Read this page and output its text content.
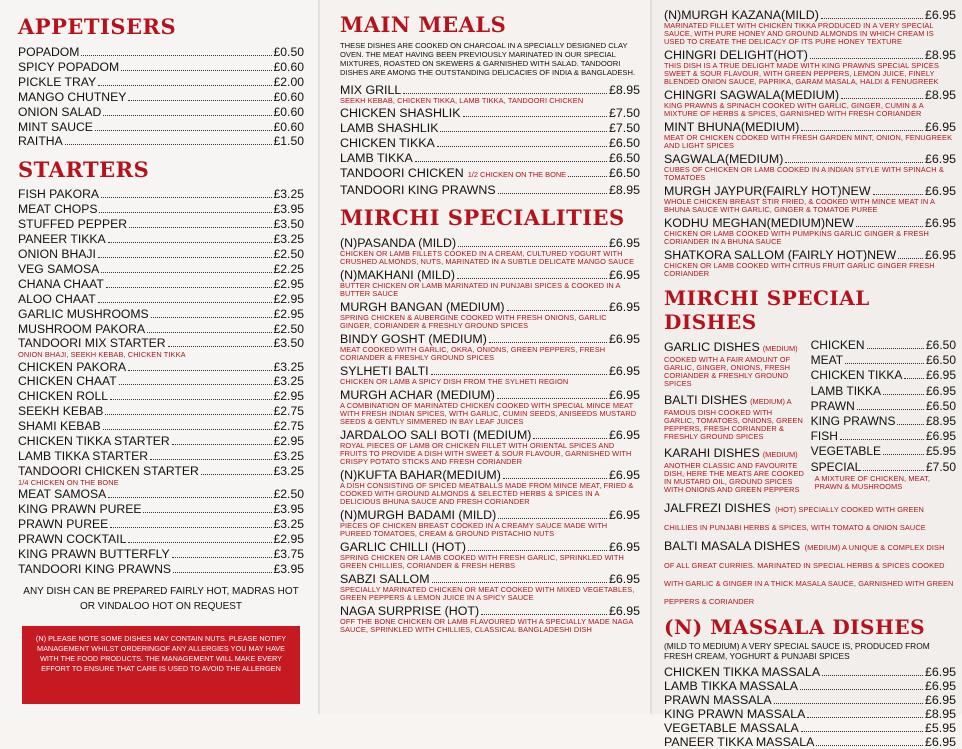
APPETISERS
POPADOM	£0.50
SPICY POPADOM	£0.60
PICKLE TRAY	£2.00
MANGO CHUTNEY	£0.60
ONION SALAD	£0.60
MINT SAUCE	£0.60
RAITHA	£1.50
STARTERS
FISH PAKORA	£3.25
MEAT CHOPS	£3.95
STUFFED PEPPER	£3.50
PANEER TIKKA	£3.25
ONION BHAJI	£2.50
VEG SAMOSA	£2.25
CHANA CHAAT	£2.95
ALOO CHAAT	£2.95
GARLIC MUSHROOMS	£2.95
MUSHROOM PAKORA	£2.50
TANDOORI MIX STARTER	£3.50
ONION BHAJI, SEEKH KEBAB, CHICKEN TIKKA
CHICKEN PAKORA	£3.25
CHICKEN CHAAT	£3.25
CHICKEN ROLL	£2.95
SEEKH KEBAB	£2.75
SHAMI KEBAB	£2.75
CHICKEN TIKKA STARTER	£2.95
LAMB TIKKA STARTER	£3.25
TANDOORI CHICKEN STARTER	£3.25
1/4 CHICKEN ON THE BONE
MEAT SAMOSA	£2.50
KING PRAWN PUREE	£3.95
PRAWN PUREE	£3.25
PRAWN COCKTAIL	£2.95
KING PRAWN BUTTERFLY	£3.75
TANDOORI KING PRAWNS	£3.95
ANY DISH CAN BE PREPARED FAIRLY HOT, MADRAS HOT
OR VINDALOO HOT ON REQUEST
(N) PLEASE NOTE SOME DISHES MAY CONTAIN NUTS. PLEASE NOTIFY MANAGEMENT WHILST ORDERINGOF ANY ALLERGIES YOU MAY HAVE WITH THE FOOD PRODUCTS. THE MANAGEMENT WILL MAKE EVERY EFFORT TO ENSURE THAT CARE IS USED TO AVOID THE ALLERGEN
MAIN MEALS
THESE DISHES ARE COOKED ON CHARCOAL IN A SPECIALLY DESIGNED CLAY OVEN. THE MEAT HAVING BEEN PREVIOUSLY MARINATED IN OUR SPECIAL MIXTURES, ROASTED ON SKEWERS & GARNISHED WITH SALAD. TANDOORI DISHES ARE AMONG THE OUTSTANDING DELICACIES OF INDIA & BANGLADESH.
MIX GRILL	£8.95
SEEKH KEBAB, CHICKEN TIKKA, LAMB TIKKA, TANDOORI CHICKEN
CHICKEN SHASHLIK	£7.50
LAMB SHASHLIK	£7.50
CHICKEN TIKKA	£6.50
LAMB TIKKA	£6.50
TANDOORI CHICKEN 1/2 CHICKEN ON THE BONE	£6.50
TANDOORI KING PRAWNS	£8.95
MIRCHI SPECIALITIES
(N)PASANDA (MILD)	£6.95
CHICKEN OR LAMB FILLETS COOKED IN A CREAM, CULTURED YOGURT WITH CRUSHED ALMONDS, NUTS, MARINATED IN A SUBTLE DELICATE MANGO SAUCE
(N)MAKHANI (MILD)	£6.95
BUTTER CHICKEN OR LAMB MARINATED IN PUNJABI SPICES & COOKED IN A BUTTER SAUCE
MURGH BANGAN (MEDIUM)	£6.95
SPRING CHICKEN & AUBERGINE COOKED WITH FRESH ONIONS, GARLIC GINGER, CORIANDER & FRESHLY GROUND SPICES
BINDY GOSHT (MEDIUM)	£6.95
MEAT COOKED WITH GARLIC, OKRA, ONIONS, GREEN PEPPERS, FRESH CORIANDER & FRESHLY GROUND SPICES
SYLHETI BALTI	£6.95
CHICKEN OR LAMB A SPICY DISH FROM THE SYLHETI REGION
MURGH ACHAR (MEDIUM)	£6.95
A COMBINATION OF MARINATED CHICKEN COOKED WITH SPECIAL MINCE MEAT WITH FRESH INDIAN SPICES, WITH GARLIC, CUMIN SEEDS, ANISEEDS MUSTARD SEEDS & GENTLY SIMMERED IN BAY LEAF JUICES
JARDALOO SALI BOTI (MEDIUM)	£6.95
ROYAL PIECES OF LAMB OR CHICKEN FILLET WITH ORIENTAL SPICES AND FRUITS TO PROVIDE A DISH WITH SWEET & SOUR FLAVOUR, GARNISHED WITH CRISPY POTATO STICKS AND FRESH CORIANDER
(N)KUFTA BAHAR(MEDIUM)	£6.95
A DISH CONSISTING OF SPICED MEATBALLS MADE FROM MINCE MEAT, FRIED & COOKED WITH GROUND ALMONDS & SELECTED HERBS & SPICES IN A DELICIOUS BHUNA SAUCE AND FRESH CORIANDER
(N)MURGH BADAMI (MILD)	£6.95
PIECES OF CHICKEN BREAST COOKED IN A CREAMY SAUCE MADE WITH PUREED TOMATOES, CREAM & GROUND PISTACHIO NUTS
GARLIC CHILLI (HOT)	£6.95
SPRING CHICKEN OR LAMB COOKED WITH FRESH GARLIC, SPRINKLED WITH GREEN CHILLIES, CORIANDER & FRESH HERBS
SABZI SALLOM	£6.95
SPECIALLY MARINATED CHICKEN OR MEAT COOKED WITH MIXED VEGETABLES, GREEN PEPPERS & LEMON JUICE IN A SPICY SAUCE
NAGA SURPRISE (HOT)	£6.95
OFF THE BONE CHICKEN OR LAMB FLAVOURED WITH A SPECIALLY MADE NAGA SAUCE, SPRINKLED WITH CHILLIES, CLASSICAL BANGLADESHI DISH
(N)MURGH KAZANA(MILD)	£6.95
MARINATED FILLET WITH CHICKEN TIKKA PRODUCED IN A VERY SPECIAL SAUCE, WITH PURE HONEY AND GROUND ALMONDS IN WHICH CREAM IS USED TO CREATE THE DELICACY OF ITS PURE HONEY TEXTURE
CHINGRI DELIGHT(HOT)	£8.95
THIS DISH IS A TRUE DELIGHT MADE WITH KING PRAWNS SPECIAL SPICES SWEET & SOUR FLAVOUR, WITH GREEN PEPPERS, LEMON JUICE, FINELY BLENDED ONION SAUCE, PAPRIKA, GARAM MASALA, HALDI & FENUGREEK
CHINGRI SAGWALA(MEDIUM)	£8.95
KING PRAWNS & SPINACH COOKED WITH GARLIC, GINGER, CUMIN & A MIXTURE OF HERBS & SPICES, GARNISHED WITH FRESH CORIANDER
MINT BHUNA(MEDIUM)	£6.95
MEAT OR CHICKEN COOKED WITH FRESH GARDEN MINT, ONION, FENUGREEK AND LIGHT SPICES
SAGWALA(MEDIUM)	£6.95
CUBES OF CHICKEN OR LAMB COOKED IN A INDIAN STYLE WITH SPINACH & TOMATOES
MURGH JAYPUR(FAIRLY HOT)NEW	£6.95
WHOLE CHICKEN BREAST STIR FRIED, & COOKED WITH MINCE MEAT IN A BHUNA SAUCE WITH GARLIC, GINGER & TOMATOE PUREE
KODHU MEGHAN(MEDIUM)NEW	£6.95
CHICKEN OR LAMB COOKED WITH PUMPKINS GARLIC GINGER & FRESH CORIANDER IN A BHUNA SAUCE
SHATKORA SALLOM (FAIRLY HOT)NEW £6.95
CHICKEN OR LAMB COOKED WITH CITRUS FRUIT GARLIC GINGER FRESH CORIANDER
MIRCHI SPECIAL DISHES
GARLIC DISHES (MEDIUM)
COOKED WITH A FAIR AMOUNT OF GARLIC, GINGER, ONIONS, FRESH CORIANDER & FRESHLY GROUND SPICES
BALTI DISHES (MEDIUM) A
FAMOUS DISH COOKED WITH GARLIC, TOMATOES, ONIONS, GREEN PEPPERS, FRESH CORIANDER & FRESHLY GROUND SPICES
KARAHI DISHES (MEDIUM)
ANOTHER CLASSIC AND FAVOURITE DISH, HERE THE MEATS ARE COOKED IN MUSTARD OIL, GROUND SPICES WITH ONIONS AND GREEN PEPPERS
CHICKEN	£6.50
MEAT	£6.50
CHICKEN TIKKA £6.95
LAMB TIKKA	£6.95
PRAWN	£6.50
KING PRAWNS	£8.95
FISH	£6.95
VEGETABLE	£5.95
SPECIAL	£7.50
A MIXTURE OF CHICKEN, MEAT, PRAWN & MUSHROOMS
JALFREZI DISHES (HOT) SPECIALLY COOKED WITH GREEN CHILLIES IN PUNJABI HERBS & SPICES, WITH TOMATO & ONION SAUCE
BALTI MASALA DISHES (MEDIUM) A UNIQUE & COMPLEX DISH OF ALL GREAT CURRIES. MARINATED IN SPECIAL HERBS & SPICES COOKED WITH GARLIC & GINGER IN A THICK MASALA SAUCE, GARNISHED WITH GREEN PEPPERS & CORIANDER
(N) MASSALA DISHES
(MILD TO MEDIUM) A VERY SPECIAL SAUCE IS, PRODUCED FROM FRESH CREAM, YOGHURT & PUNJABI SPICES
CHICKEN TIKKA MASSALA	£6.95
LAMB TIKKA MASSALA	£6.95
PRAWN MASSALA	£6.95
KING PRAWN MASSALA	£8.95
VEGETABLE MASSALA	£5.95
PANEER TIKKA MASSALA	£6.95
